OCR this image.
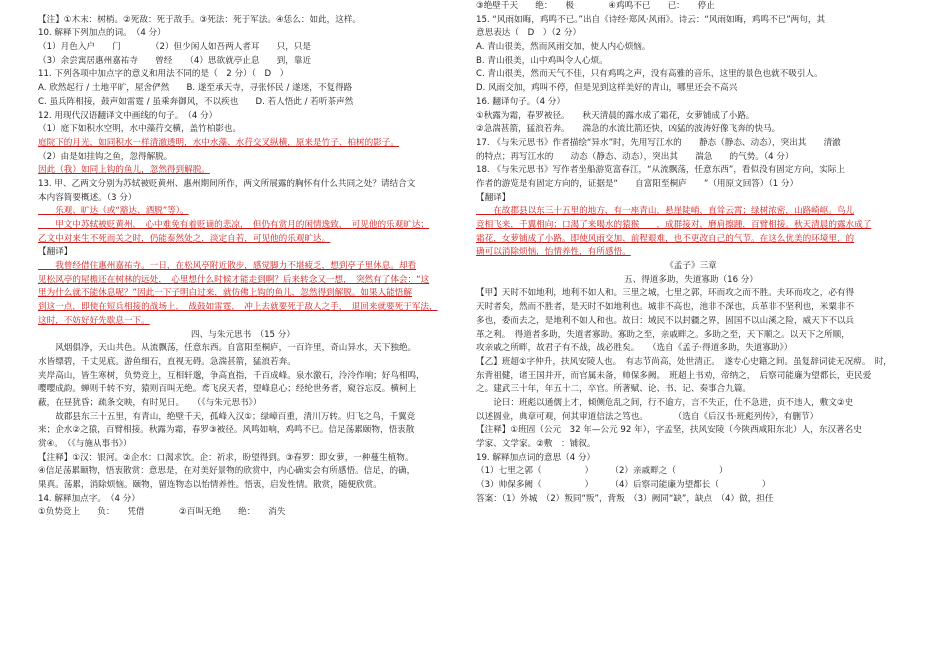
【注】①木末：树梢。②死敌：死于敌手。③死法：死于军法。④恁么：如此，这样。
10. 解释下列加点的词。　（4 分）
（1）月色入户　　门　　　　（2）但少闲人如吾两人者耳　　只，只是
（3）余尝寓居惠州嘉祐寺　　曾经　　（4）思欲就亭止息　　到，靠近
11. 下列各项中加点字的意义和用法不同的是（　2 分）（　D　）
A. 欣然起行 / 土地平旷，屋舍俨然　　B. 遂至承天寺，寻张怀民 / 遂迷，不复得路
C. 虽兵阵相接，鼓声如雷霆 / 虽乘奔御风，不以疾也　　D. 若人悟此 / 若听茶声然
12. 用现代汉语翻译文中画线的句子。　（4 分）
（1）庭下如积水空明，水中藻荇交横，盖竹柏影也。
庭院下的月光，如同积水一样清澈透明，水中水藻、水荇交叉纵横，原来是竹子、柏树的影子。
（2）由是如挂钩之鱼，忽得解脱。
因此（我）如同上钩的鱼儿，忽然得到解脱。
13. 甲、乙两文分别为苏轼被贬黄州、惠州期间所作，两文所展露的胸怀有什么共同之处？请结合文
本内容简要概述。（3 分）
　　乐观、旷达（或“豁达、洒脱”等）。
　　甲文中苏轼被贬黄州，　心中难免有着贬谪的悲凉，　但仍有赏月的闲情逸致，　可见他的乐观旷达；
乙文中对来生不死而关之时，仍能泰然处之，淡定自若，可见他的乐观旷达。
【翻译】
　　我曾经借住惠州嘉祐寺。一日，在松风亭附近散步，感觉脚力不堪疲乏，想到亭子里休息。却看
见松风亭的屋檐还在树林的远处，　心里想什么时候才能走到啊？后来转念又一想，　突然有了体会：“这
里为什么就不能休息呢？”因此一下子明白过来，就仿佛上钩的鱼儿，忽然得到解脱。如果人能悟解
到这一点，即使在短兵相接的战场上，　战鼓如雷霆，　冲上去就要死于敌人之手，　退回来就要死于军法，
这时，不妨好好先歇息一下。
四、与朱元思书　（15 分）
　　风烟俱净，天山共色。从流飘荡，任意东西。自富阳至桐庐，一百许里，奇山异水，天下独绝。
水皆缥碧，千丈见底。游鱼细石，直视无碍。急湍甚箭，猛浪若奔。
夹岸高山，皆生寒树，负势竞上，互相轩邈，争高直指，千百成峰。泉水激石，泠泠作响；好鸟相鸣，
嘤嘤成韵。蝉则千转不穷，猿则百叫无绝。鸢飞戾天者，望峰息心；经纶世务者，窥谷忘反。横柯上
蔽，在昼犹昏；疏条交映，有时见日。　　（《与朱元思书》）
　　故郡县东三十五里，有青山，绝壁千天，孤峰入汉①；绿嶂百重，清川万转。归飞之鸟，千翼竞
来；企水②之猿，百臂相接。秋露为霜，春罗③被径。风鸣如响，鸡鸣不已。信足荡累颐物，悟衷散
赏④。　（《与施从事书》）
【注释】①汉：银河。②企水：口渴求饮。企：祈求，盼望得到。③春罗：即女萝，一种蔓生植物。
④信足荡累颐物，悟衷散赏：意思是，在对美好景物的欣赏中，内心确实会有所感悟。信足，的确，
果真。荡累，消除烦恼。颐物，留连物态以怡情养性。悟衷，启发性情。散赏，随便欣赏。
14. 解释加点字。　（4 分）
①负势竞上　　负：　　凭借　　　　②百叫无绝　　绝：　　消失
③绝壁千天　　绝：　　极　　　　④鸡鸣不已　　已：　　停止
15. “风雨如晦，鸡鸣不已。”出自《诗经·郑风·风雨》。诗云：“风雨如晦，鸡鸣不已”两句，其
意思表达（　D　）（2 分）
A. 青山很美，然而风雨交加，使人内心烦恼。
B. 青山很美，山中鸡叫令人心烦。
C. 青山很美，然而天气不佳，只有鸡鸣之声，没有高雅的音乐，这里的景色也就不吸引人。
D. 风雨交加，鸡叫不停，但是见到这样美好的青山，哪里还会不高兴
16. 翻译句子。（4 分）
①秋露为霜，春罗被径。　　秋天清晨的露水成了霜花，女萝铺成了小路。
②急湍甚箭，猛浪若奔。　　湍急的水流比箭还快，凶猛的波涛好像飞奔的快马。
17. 《与朱元思书》作者描绘“异水”时，先用写江水的　　静态（静态、动态），突出其　　清澈
的特点；再写江水的　　动态（静态、动态），突出其　　湍急　　的气势。（4 分）
18. 《与朱元思书》写作者坐船游览富春江，“从流飘荡，任意东西”，看似没有固定方向，实际上
作者的游览是有固定方向的，证据是“　　自富阳至桐庐　　”（用原文回答）（1 分）
【翻译】
　　在故郡县以东三十五里的地方，有一座青山，悬崖陡峭，直耸云霄；绿树浓密，山路崎岖。鸟儿
竞相飞来，千翼相向；口渴了来喝水的猿猴　　，成群接对，磨肩擦踵，百臂相接。秋天清晨的露水成了
霜花，女萝铺成了小路。即使风雨交加、前程艰难，也不更改自己的气节。在这么优美的环境里，的
确可以消除烦恼，怡情养性，有所感悟。
《孟子》三章
五、得道多助，失道寡助（16 分）
【甲】天时不如地利，地利不如人和。三里之城，七里之郭，环而攻之而不胜。夫环而攻之，必有得
天时者矣，然而不胜者，是天时不如地利也。城非不高也，池非不深也，兵革非不坚利也，米粟非不
多也，委而去之，是地利不如人和也。故曰：域民不以封疆之界，固国不以山溪之险，威天下不以兵
革之利。　得道者多助，失道者寡助。寡助之至，亲戚畔之。多助之至，天下顺之。以天下之所顺，
攻亲戚之所畔，故君子有不战，战必胜矣。　　（选自《孟子·得道多助，失道寡助》）
【乙】班超①字仲升，扶风安陵人也。　有志节尚高，处世清正。　遂专心史籍之间。虽复辞词徒无况痹。　时，
东背祖健，诸王国并开，而官属未备，帅保多阙。　班超上书劝，帝纳之，　后察司能廉为望都长，吏民爱
之。建武三十年，年五十二，卒官。所著赋、论、书、记、奏事合九篇。
　　论曰：班彪以通儒上才，倾侧危乱之间，行不逾方，言不失正，仕不急进，贞不违人，敷文②史
以述圆业，典章可观，何其审道信法之笃也。　　　　（选自《后汉书·班彪列传》，有删节）
【注释】①班固（公元　32 年—公元 92 年），字孟坚，扶风安陵（今陕西咸阳东北）人，东汉著名史
学家、文学家。②敷　：铺叙。
19. 解释加点词的意思（4 分）
（1）七里之郭（　　　　　）　　　（2）亲戚畔之（　　　　　）
（3）帅保多阙（　　　　　）　　　（4）后察司能廉为望都长（　　　　　）
答案：（1）外城　（2）叛同“叛”，背叛　（3）阙同“缺”，缺点　（4）做，担任
